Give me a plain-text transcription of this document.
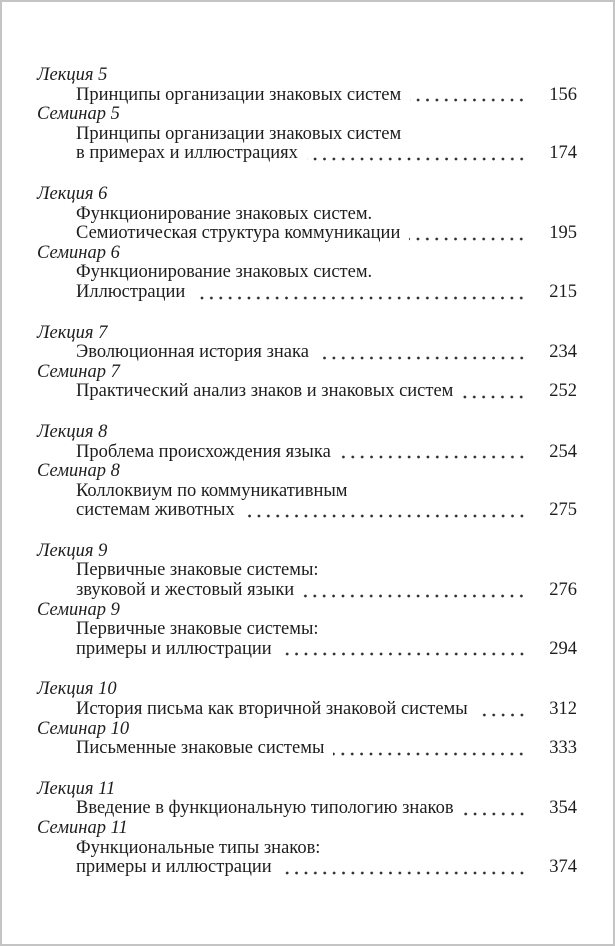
Лекция 5
Принципы организации знаковых систем	156
Семинар 5
Принципы организации знаковых систем
в примерах и иллюстрациях	174
Лекция 6
Функционирование знаковых систем.
Семиотическая структура коммуникации	195
Семинар 6
Функционирование знаковых систем.
Иллюстрации	215
Лекция 7
Эволюционная история знака	234
Семинар 7
Практический анализ знаков и знаковых систем	252
Лекция 8
Проблема происхождения языка	254
Семинар 8
Коллоквиум по коммуникативным
системам животных	275
Лекция 9
Первичные знаковые системы:
звуковой и жестовый языки	276
Семинар 9
Первичные знаковые системы:
примеры и иллюстрации	294
Лекция 10
История письма как вторичной знаковой системы	312
Семинар 10
Письменные знаковые системы	333
Лекция 11
Введение в функциональную типологию знаков	354
Семинар 11
Функциональные типы знаков:
примеры и иллюстрации	374
